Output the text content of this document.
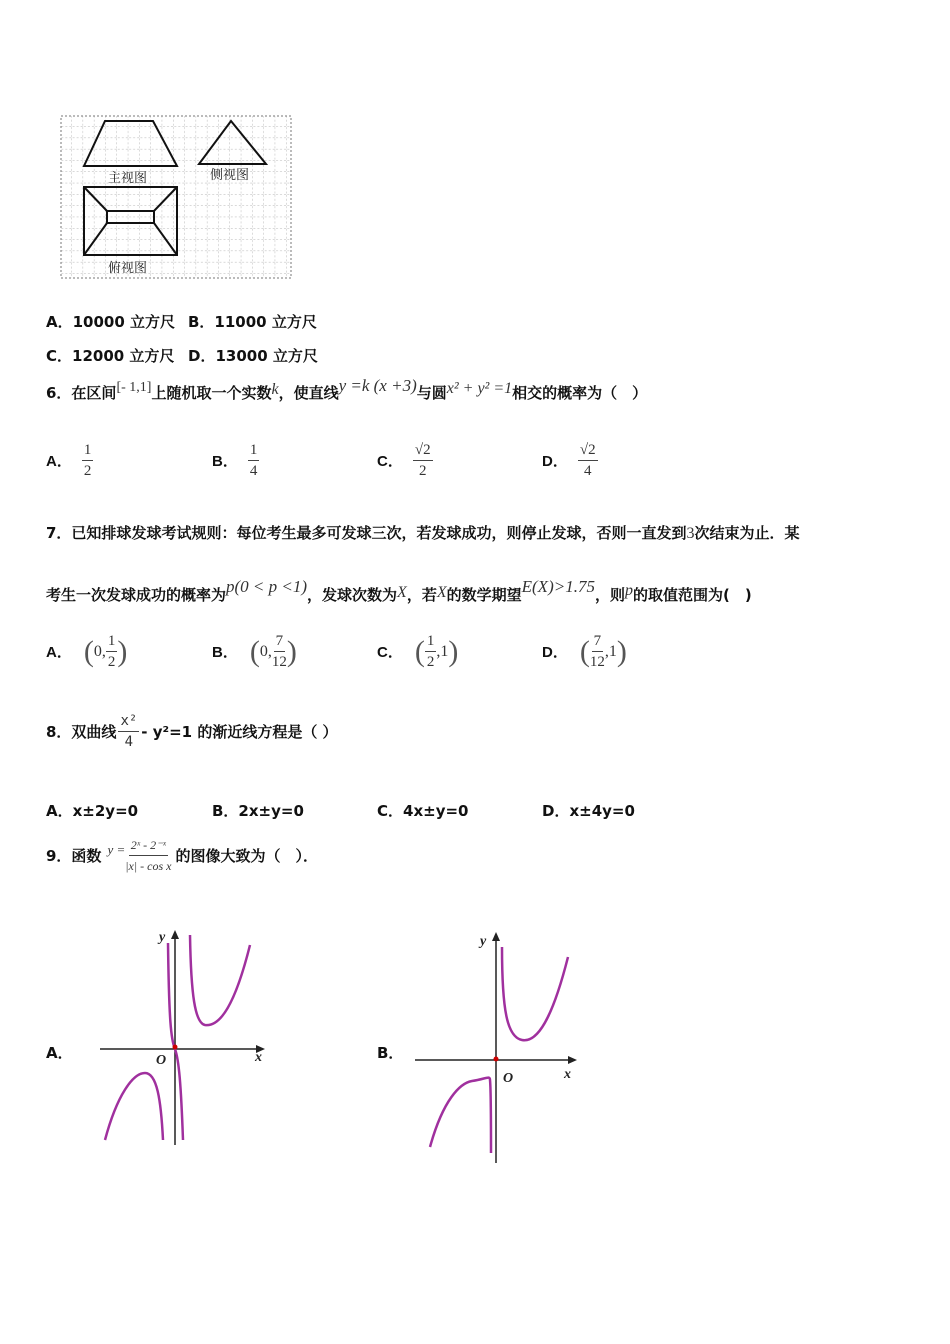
主视图	侧视图
俯视图
A．10000 立方尺 B．11000 立方尺
C．12000 立方尺 D．13000 立方尺
6．在区间[- 1,1]上随机取一个实数k，使直线y =k (x +3)与圆x² + y² =1相交的概率为（　）
A． $\frac{1}{2}$	B． $\frac{1}{4}$	C． $\frac{√2}{2}$	D． $\frac{√2}{4}$
7．已知排球发球考试规则：每位考生最多可发球三次，若发球成功，则停止发球，否则一直发到3次结束为止．某
考生一次发球成功的概率为p(0 < p <1)，发球次数为X，若X的数学期望E(X)>1.75，则p的取值范围为(　)
A． ( 0, $\frac{1}{2}$ )	B． ( 0, $\frac{7}{12}$ )	C． ( $\frac{1}{2} ,1$ )	D． ( $\frac{7}{12} ,1$ )
8．双曲线 $\frac{\text{x²}}{4} - y^2=1$ 的渐近线方程是（ ）
A．x±2y=0	B．2x±y=0	C．4x±y=0	D．x±4y=0
9．函数 $y = \frac{\text{2ˣ - 2⁻ˣ}}{\text{|x| - cos x}}$ 的图像大致为（　）．
A．	B．
y
x
O
y
x
O
